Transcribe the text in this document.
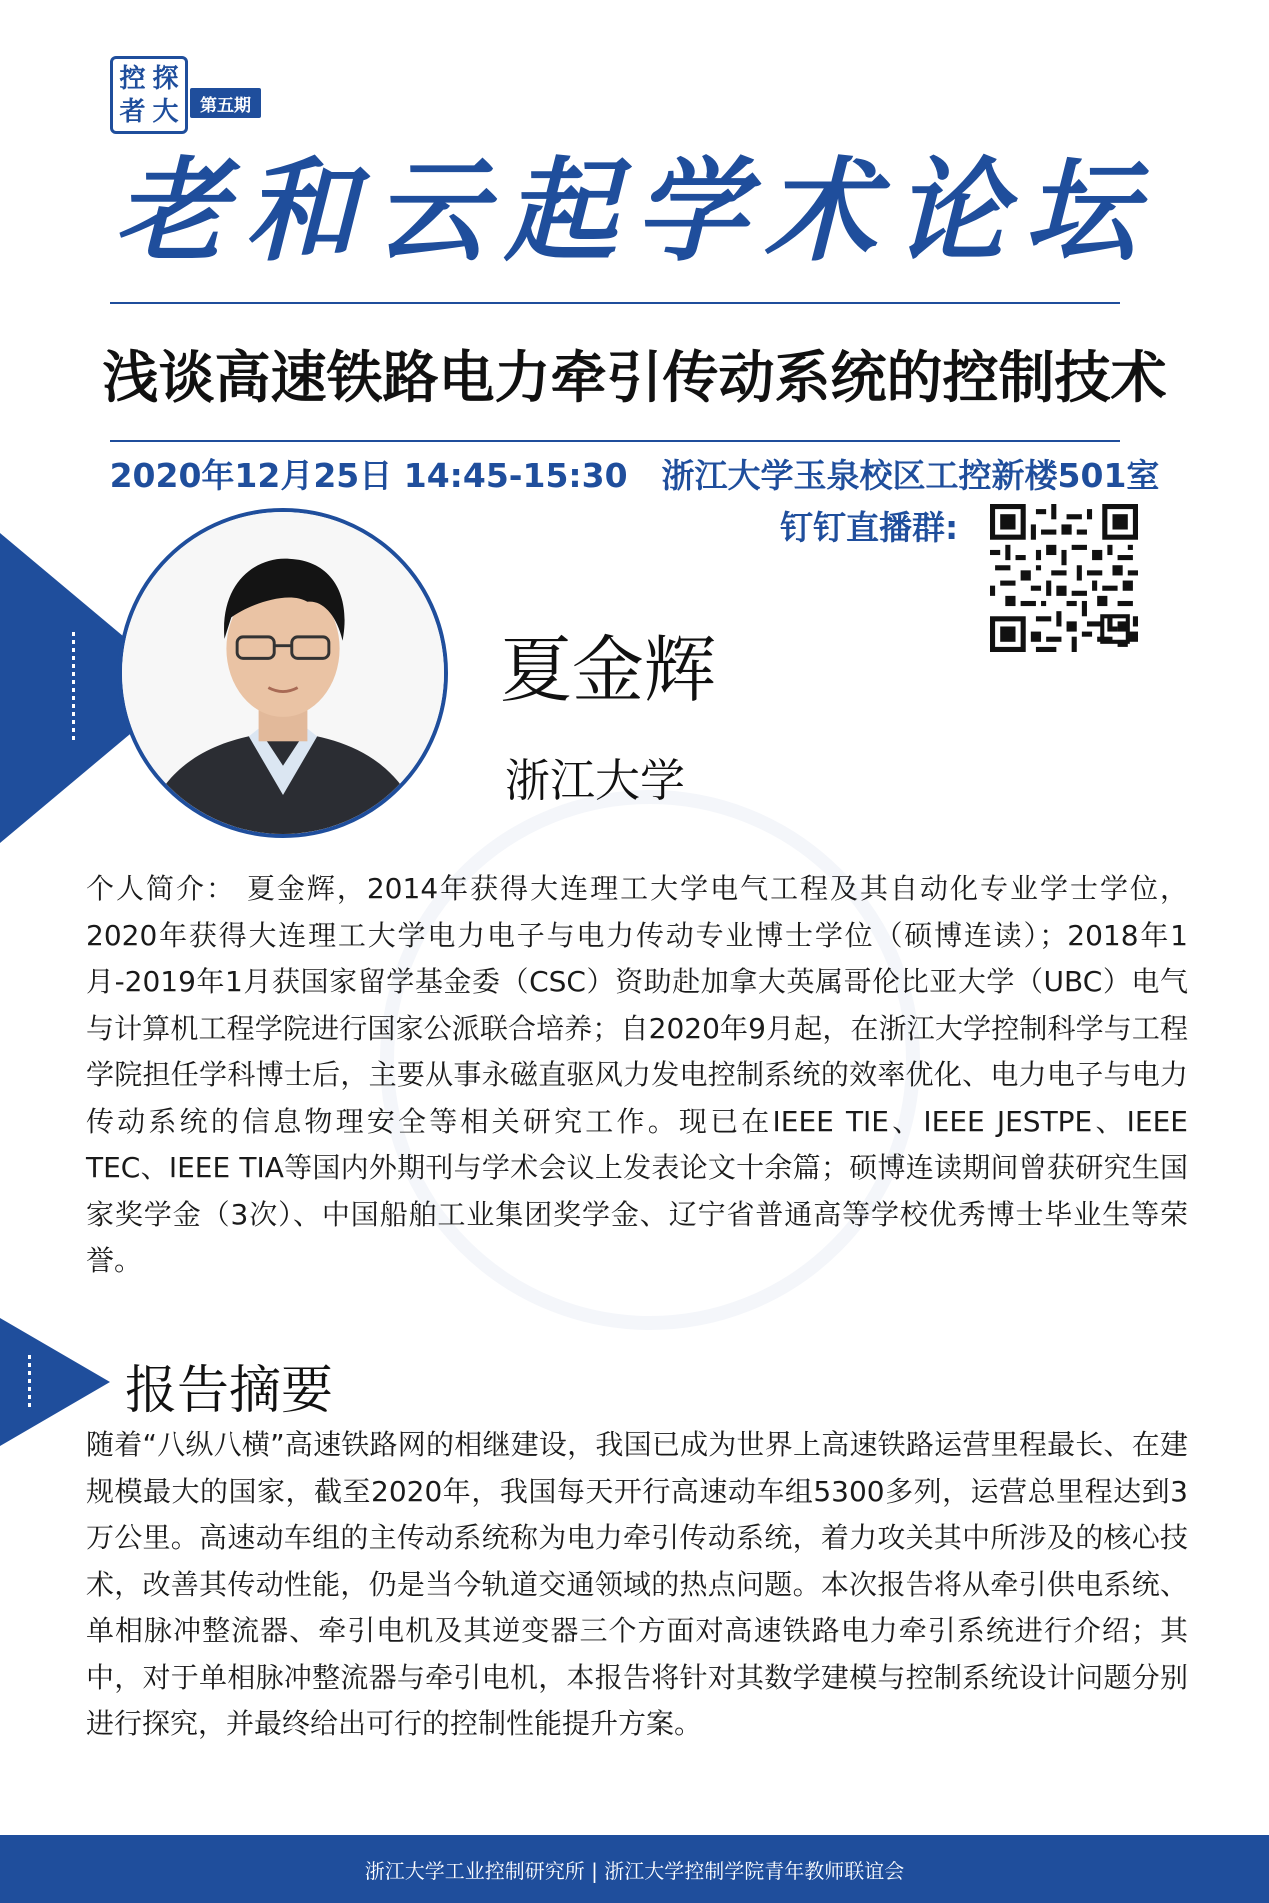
控 探
者 大	第五期
老和云起学术论坛
浅谈高速铁路电力牵引传动系统的控制技术
2020年12月25日 14:45-15:30 浙江大学玉泉校区工控新楼501室
钉钉直播群:
夏金辉
浙江大学
个人简介： 夏金辉，2014年获得大连理工大学电气工程及其自动化专业学士学位，2020年获得大连理工大学电力电子与电力传动专业博士学位（硕博连读）；2018年1月-2019年1月获国家留学基金委（CSC）资助赴加拿大英属哥伦比亚大学（UBC）电气与计算机工程学院进行国家公派联合培养；自2020年9月起，在浙江大学控制科学与工程学院担任学科博士后，主要从事永磁直驱风力发电控制系统的效率优化、电力电子与电力传动系统的信息物理安全等相关研究工作。现已在IEEE TIE、IEEE JESTPE、IEEE TEC、IEEE TIA等国内外期刊与学术会议上发表论文十余篇；硕博连读期间曾获研究生国家奖学金（3次）、中国船舶工业集团奖学金、辽宁省普通高等学校优秀博士毕业生等荣誉。
报告摘要
随着“八纵八横”高速铁路网的相继建设，我国已成为世界上高速铁路运营里程最长、在建规模最大的国家，截至2020年，我国每天开行高速动车组5300多列，运营总里程达到3万公里。高速动车组的主传动系统称为电力牵引传动系统，着力攻关其中所涉及的核心技术，改善其传动性能，仍是当今轨道交通领域的热点问题。本次报告将从牵引供电系统、单相脉冲整流器、牵引电机及其逆变器三个方面对高速铁路电力牵引系统进行介绍；其中，对于单相脉冲整流器与牵引电机，本报告将针对其数学建模与控制系统设计问题分别进行探究，并最终给出可行的控制性能提升方案。
浙江大学工业控制研究所 | 浙江大学控制学院青年教师联谊会
